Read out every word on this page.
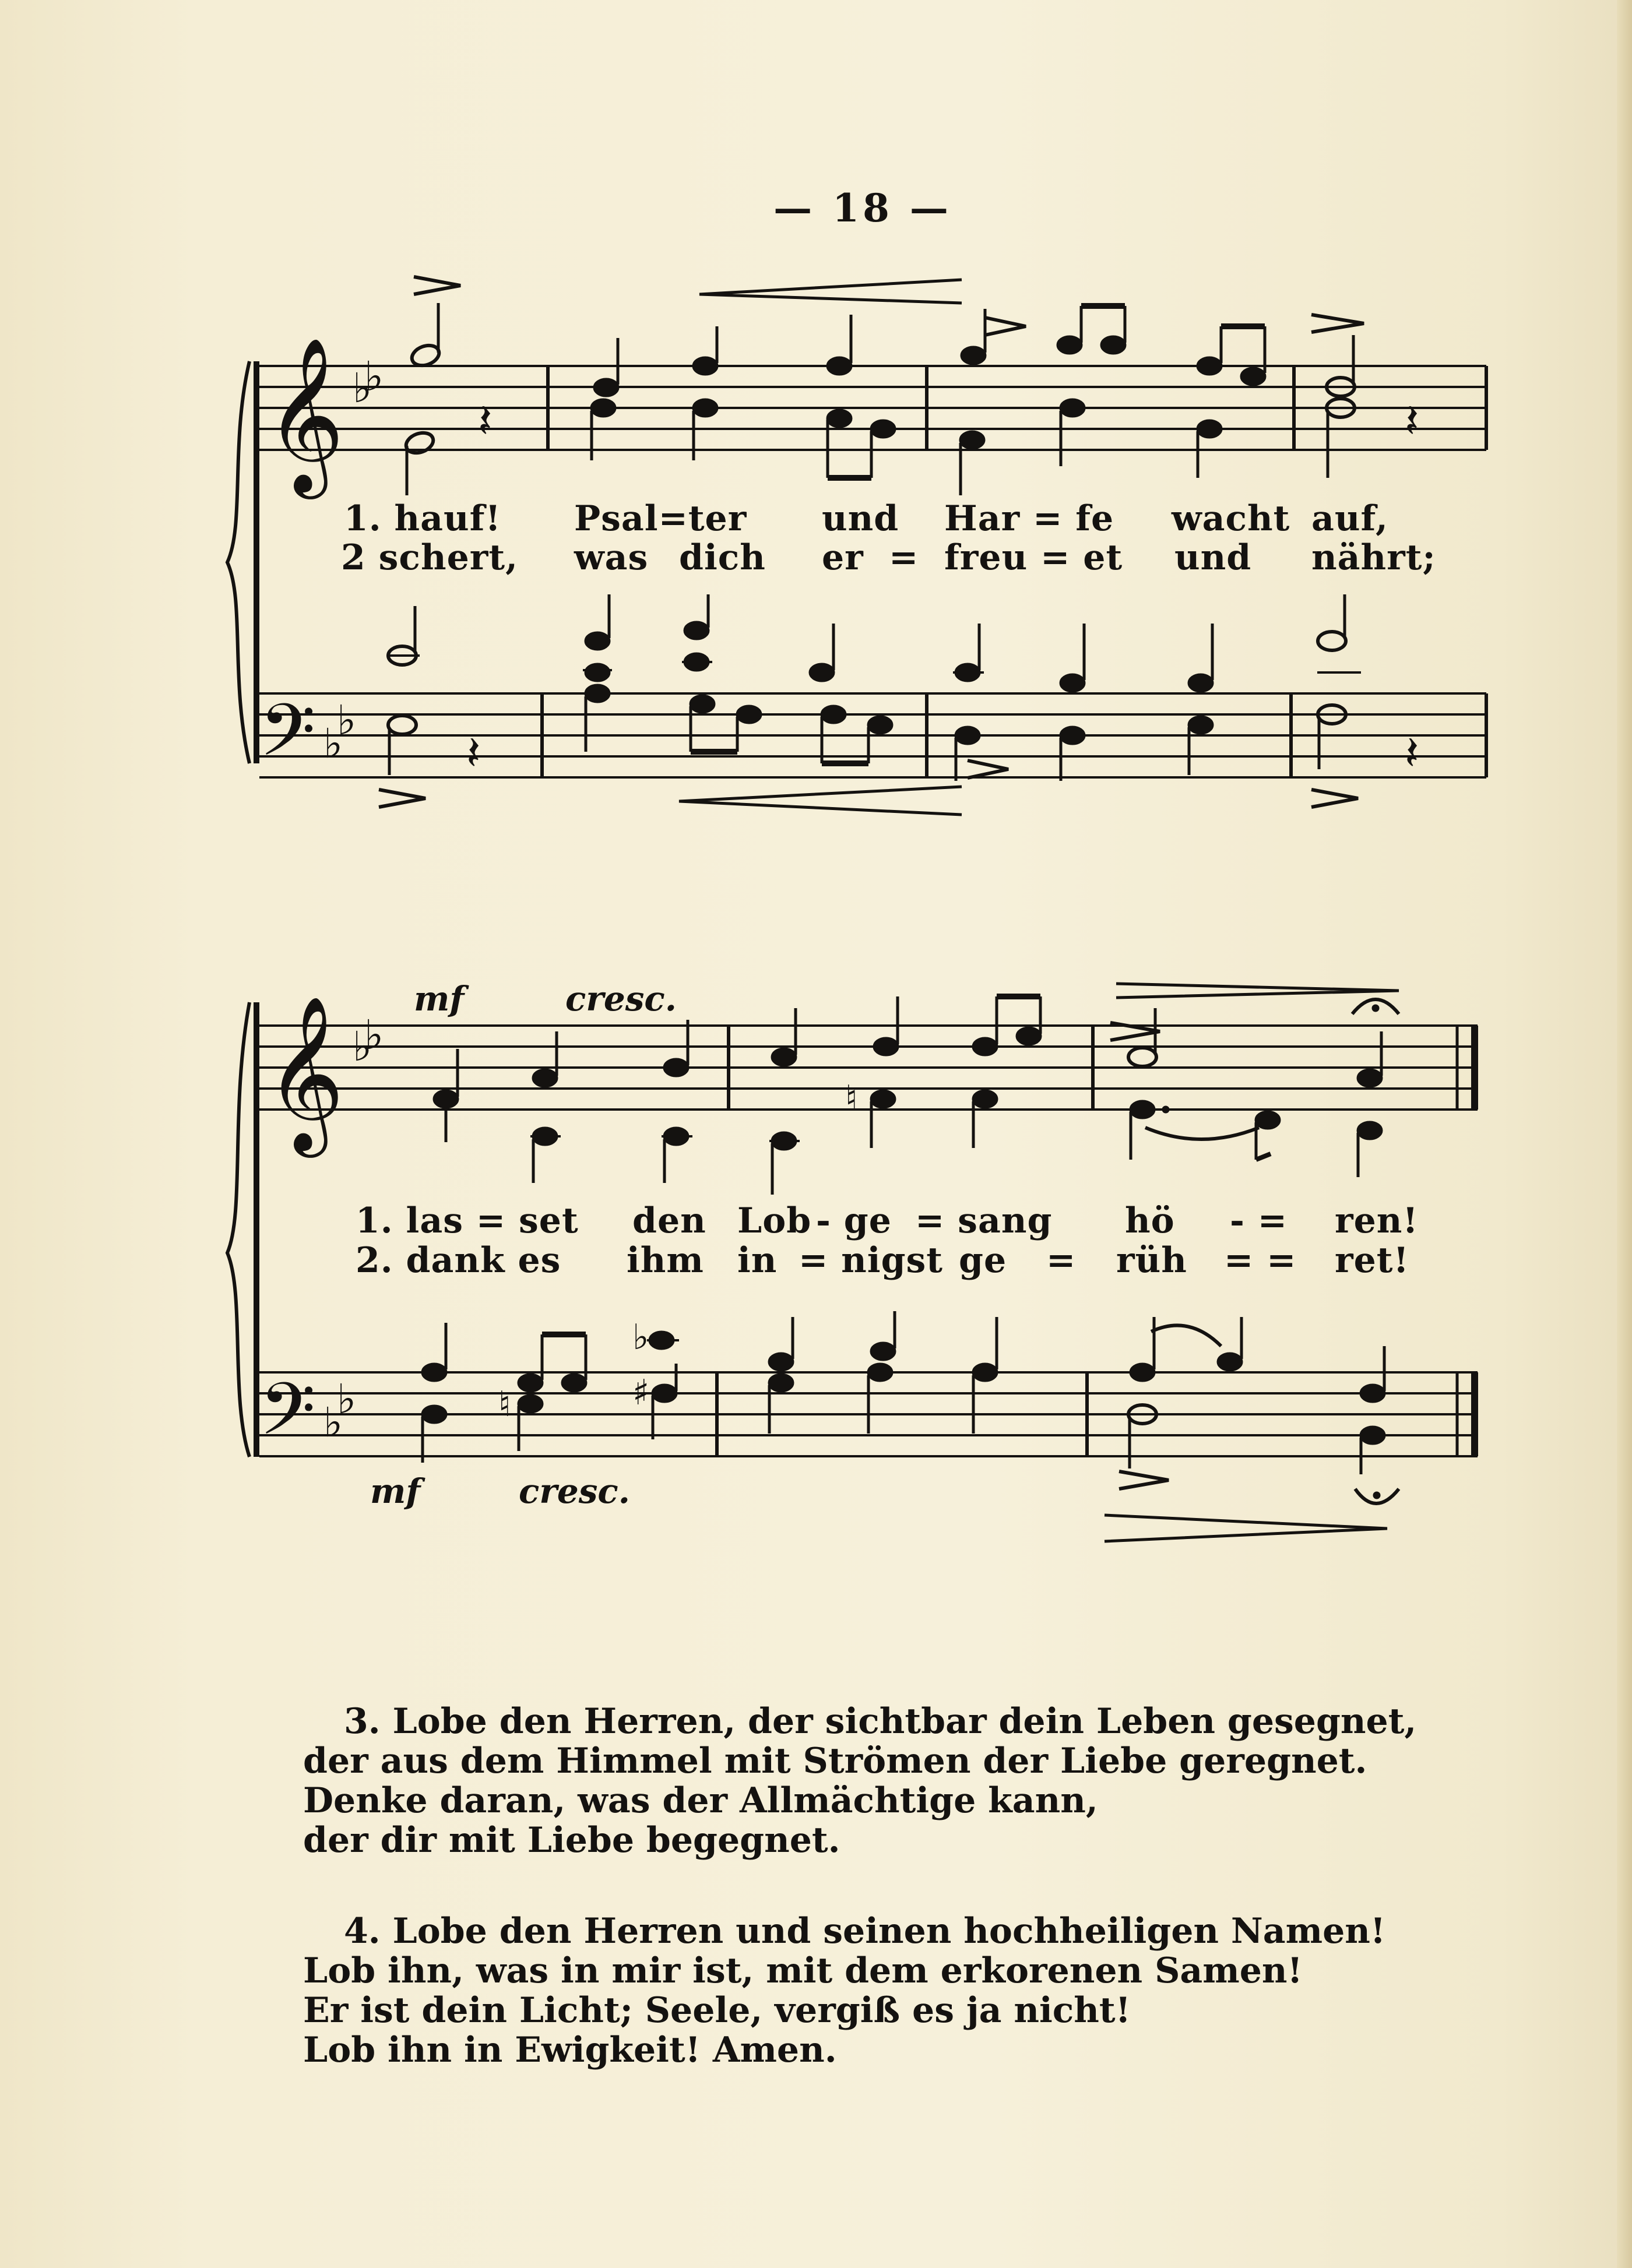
— 18 —
𝄞 ♭
♭
𝄢 ♭
♭
𝄽	𝄽
𝄽	𝄽
𝄞 ♭
♭
𝄢 ♭
♭
♮
♮
♭
♯
1. hauf! Psal=ter und Har = fe wacht auf,
2 schert, was dich er = freu = et und nährt;
mf	cresc.
mf	cresc.
1. las = set den Lob - ge = sang hö - = ren!
2. dank es ihm in = nigst ge = rüh = = ret!
3. Lobe den Herren, der sichtbar dein Leben gesegnet,
der aus dem Himmel mit Strömen der Liebe geregnet.
Denke daran, was der Allmächtige kann,
der dir mit Liebe begegnet.
4. Lobe den Herren und seinen hochheiligen Namen!
Lob ihn, was in mir ist, mit dem erkorenen Samen!
Er ist dein Licht; Seele, vergiß es ja nicht!
Lob ihn in Ewigkeit! Amen.
